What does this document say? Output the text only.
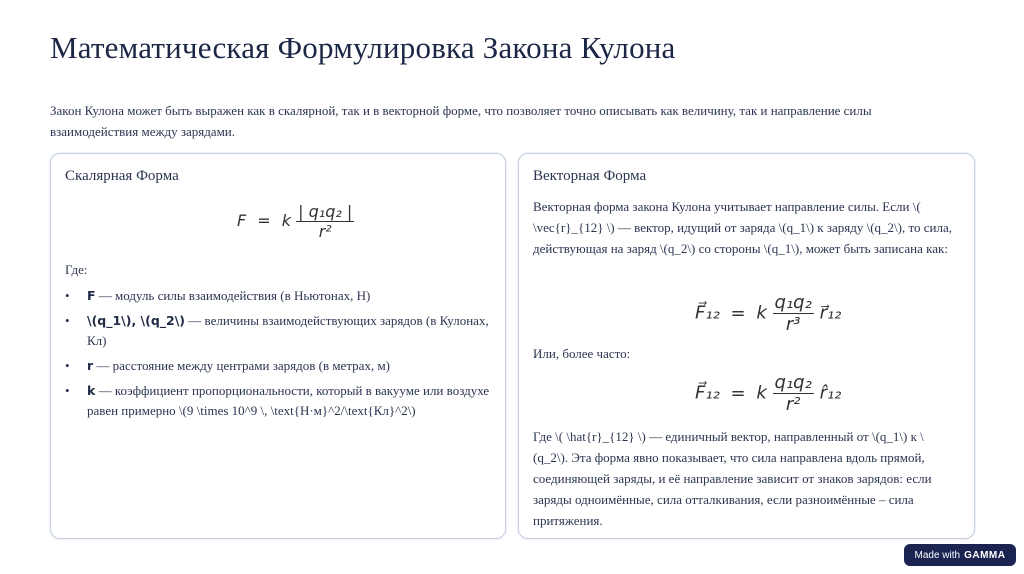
Математическая Формулировка Закона Кулона

Закон Кулона может быть выражен как в скалярной, так и в векторной форме, что позволяет точно описывать как величину, так и направление силы взаимодействия между зарядами.

Скалярная Форма
F = k $\frac{\text{| q₁q₂ |}}{\text{r²}}$

Где:

• F — модуль силы взаимодействия (в Ньютонах, Н)
• \(q_1\), \(q_2\) — величины взаимодействующих зарядов (в Кулонах, Кл)
• r — расстояние между центрами зарядов (в метрах, м)
• k — коэффициент пропорциональности, который в вакууме или воздухе равен примерно \(9 \times 10^9 \, \text{Н·м}^2/\text{Кл}^2\)
Векторная Форма

Векторная форма закона Кулона учитывает направление силы. Если \( \vec{r}_{12} \) — вектор, идущий от заряда \(q_1\) к заряду \(q_2\), то сила, действующая на заряд \(q_2\) со стороны \(q_1\), может быть записана как:

F⃗₁₂ = k $\frac{\text{q₁q₂}}{\text{r³}}$ r⃗₁₂

Или, более часто:

F⃗₁₂ = k $\frac{\text{q₁q₂}}{\text{r²}}$ r̂₁₂

Где \( \hat{r}_{12} \) — единичный вектор, направленный от \(q_1\) к \(q_2\). Эта форма явно показывает, что сила направлена вдоль прямой, соединяющей заряды, и её направление зависит от знаков зарядов: если заряды одноимённые, сила отталкивания, если разноимённые – сила притяжения.

Made with GAMMA
